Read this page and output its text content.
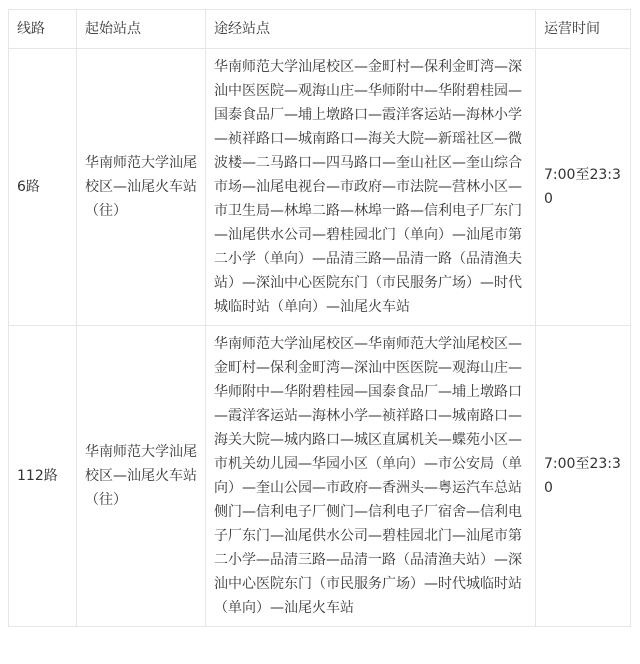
线路	起始站点	途经站点	运营时间
6路	华南师范大学汕尾校区—汕尾火车站（往）	华南师范大学汕尾校区—金町村—保利金町湾—深汕中医医院—观海山庄—华师附中—华附碧桂园—国泰食品厂—埔上墩路口—霞洋客运站—海林小学—祯祥路口—城南路口—海关大院—新瑶社区—微波楼—二马路口—四马路口—奎山社区—奎山综合市场—汕尾电视台—市政府—市法院—营林小区—市卫生局—林埠二路—林埠一路—信利电子厂东门—汕尾供水公司—碧桂园北门（单向）—汕尾市第二小学（单向）—品清三路—品清一路（品清渔夫站）—深汕中心医院东门（市民服务广场）—时代城临时站（单向）—汕尾火车站	7:00至23:30
112路	华南师范大学汕尾校区—汕尾火车站（往）	华南师范大学汕尾校区—华南师范大学汕尾校区—金町村—保利金町湾—深汕中医医院—观海山庄—华师附中—华附碧桂园—国泰食品厂—埔上墩路口—霞洋客运站—海林小学—祯祥路口—城南路口—海关大院—城内路口—城区直属机关—蝶苑小区—市机关幼儿园—华园小区（单向）—市公安局（单向）—奎山公园—市政府—香洲头—粤运汽车总站侧门—信利电子厂侧门—信利电子厂宿舍—信利电子厂东门—汕尾供水公司—碧桂园北门—汕尾市第二小学—品清三路—品清一路（品清渔夫站）—深汕中心医院东门（市民服务广场）—时代城临时站（单向）—汕尾火车站	7:00至23:30
